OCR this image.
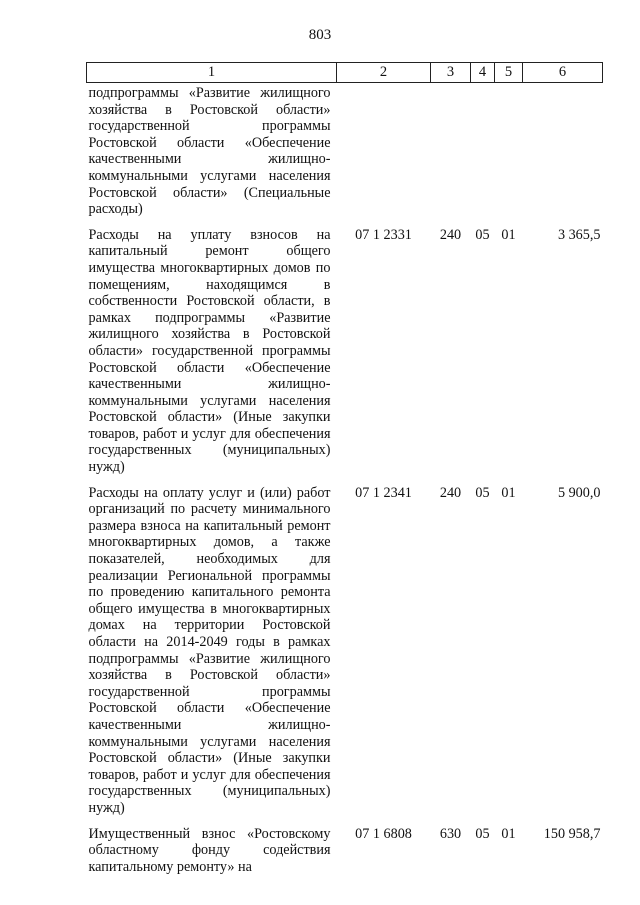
803
1	2	3	4	5	6
подпрограммы «Развитие жилищного хозяйства в Ростовской области» государственной программы Ростовской области «Обеспечение качественными жилищно-коммунальными услугами населения Ростовской области» (Специальные расходы)					
Расходы на уплату взносов на капитальный ремонт общего имущества многоквартирных домов по помещениям, находящимся в собственности Ростовской области, в рамках подпрограммы «Развитие жилищного хозяйства в Ростовской области» государственной программы Ростовской области «Обеспечение качественными жилищно-коммунальными услугами населения Ростовской области» (Иные закупки товаров, работ и услуг для обеспечения государственных (муниципальных) нужд)	07 1 2331	240	05	01	3 365,5
Расходы на оплату услуг и (или) работ организаций по расчету минимального размера взноса на капитальный ремонт многоквартирных домов, а также показателей, необходимых для реализации Региональной программы по проведению капитального ремонта общего имущества в многоквартирных домах на территории Ростовской области на 2014-2049 годы в рамках подпрограммы «Развитие жилищного хозяйства в Ростовской области» государственной программы Ростовской области «Обеспечение качественными жилищно-коммунальными услугами населения Ростовской области» (Иные закупки товаров, работ и услуг для обеспечения государственных (муниципальных) нужд)	07 1 2341	240	05	01	5 900,0
Имущественный взнос «Ростовскому областному фонду содействия капитальному ремонту» на	07 1 6808	630	05	01	150 958,7
